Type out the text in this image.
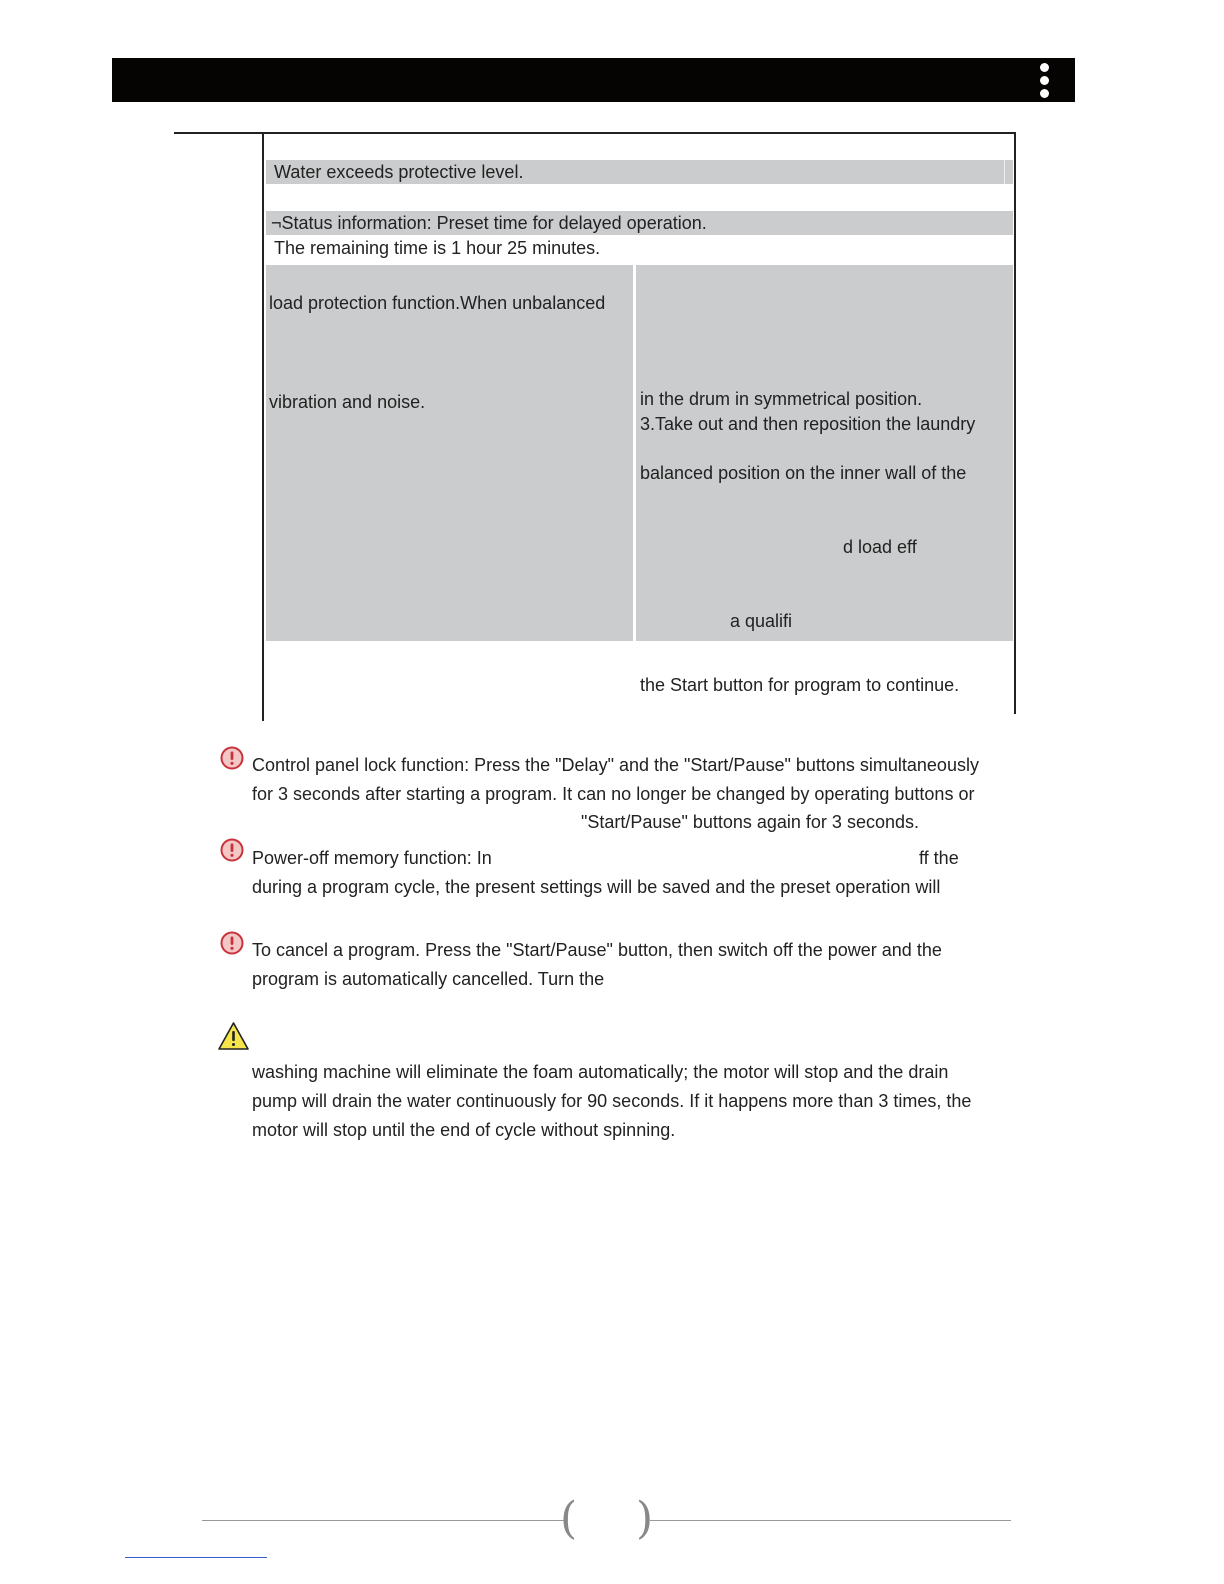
Water exceeds protective level.
¬Status information: Preset time for delayed operation.
The remaining time is 1 hour 25 minutes.
load protection function.When unbalanced
vibration and noise.	in the drum in symmetrical position.
3.Take out and then reposition the laundry
balanced position on the inner wall of the
d load eff
a qualifi
the Start button for program to continue.
Control panel lock function: Press the "Delay" and the "Start/Pause" buttons simultaneously
for 3 seconds after starting a program. It can no longer be changed by operating buttons or
"Start/Pause" buttons again for 3 seconds.
Power-off memory function: In	ff the
during a program cycle, the present settings will be saved and the preset operation will
To cancel a program. Press the "Start/Pause" button, then switch off the power and the
program is automatically cancelled. Turn the
washing machine will eliminate the foam automatically; the motor will stop and the drain
pump will drain the water continuously for 90 seconds. If it happens more than 3 times, the
motor will stop until the end of cycle without spinning.
( )
